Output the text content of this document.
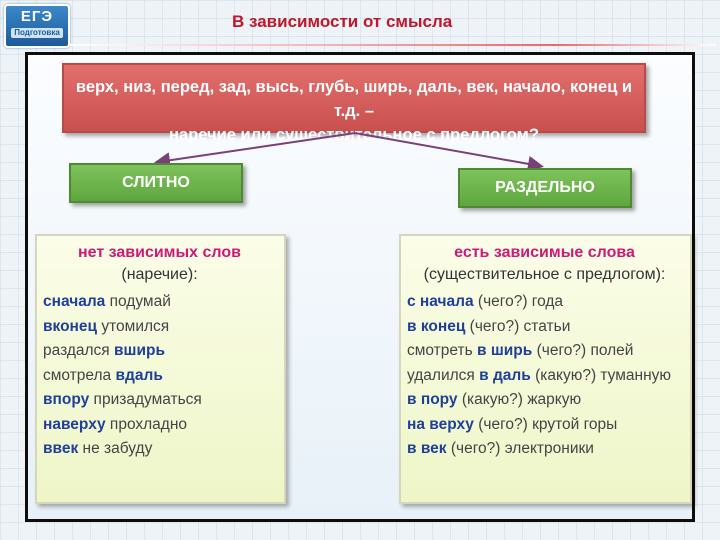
ЕГЭ
Подготовка
В зависимости от смысла
верх, низ, перед, зад, высь, глубь, ширь, даль, век, начало, конец и т.д. –
наречие или существительное с предлогом?
СЛИТНО	РАЗДЕЛЬНО
нет зависимых слов
(наречие):
сначала подумай
вконец утомился
раздался вширь
смотрела вдаль
впору призадуматься
наверху прохладно
ввек не забуду
есть зависимые слова
(существительное с предлогом):
с начала (чего?) года
в конец (чего?) статьи
смотреть в ширь (чего?) полей
удалился в даль (какую?) туманную
в пору (какую?) жаркую
на верху (чего?) крутой горы
в век (чего?) электроники
